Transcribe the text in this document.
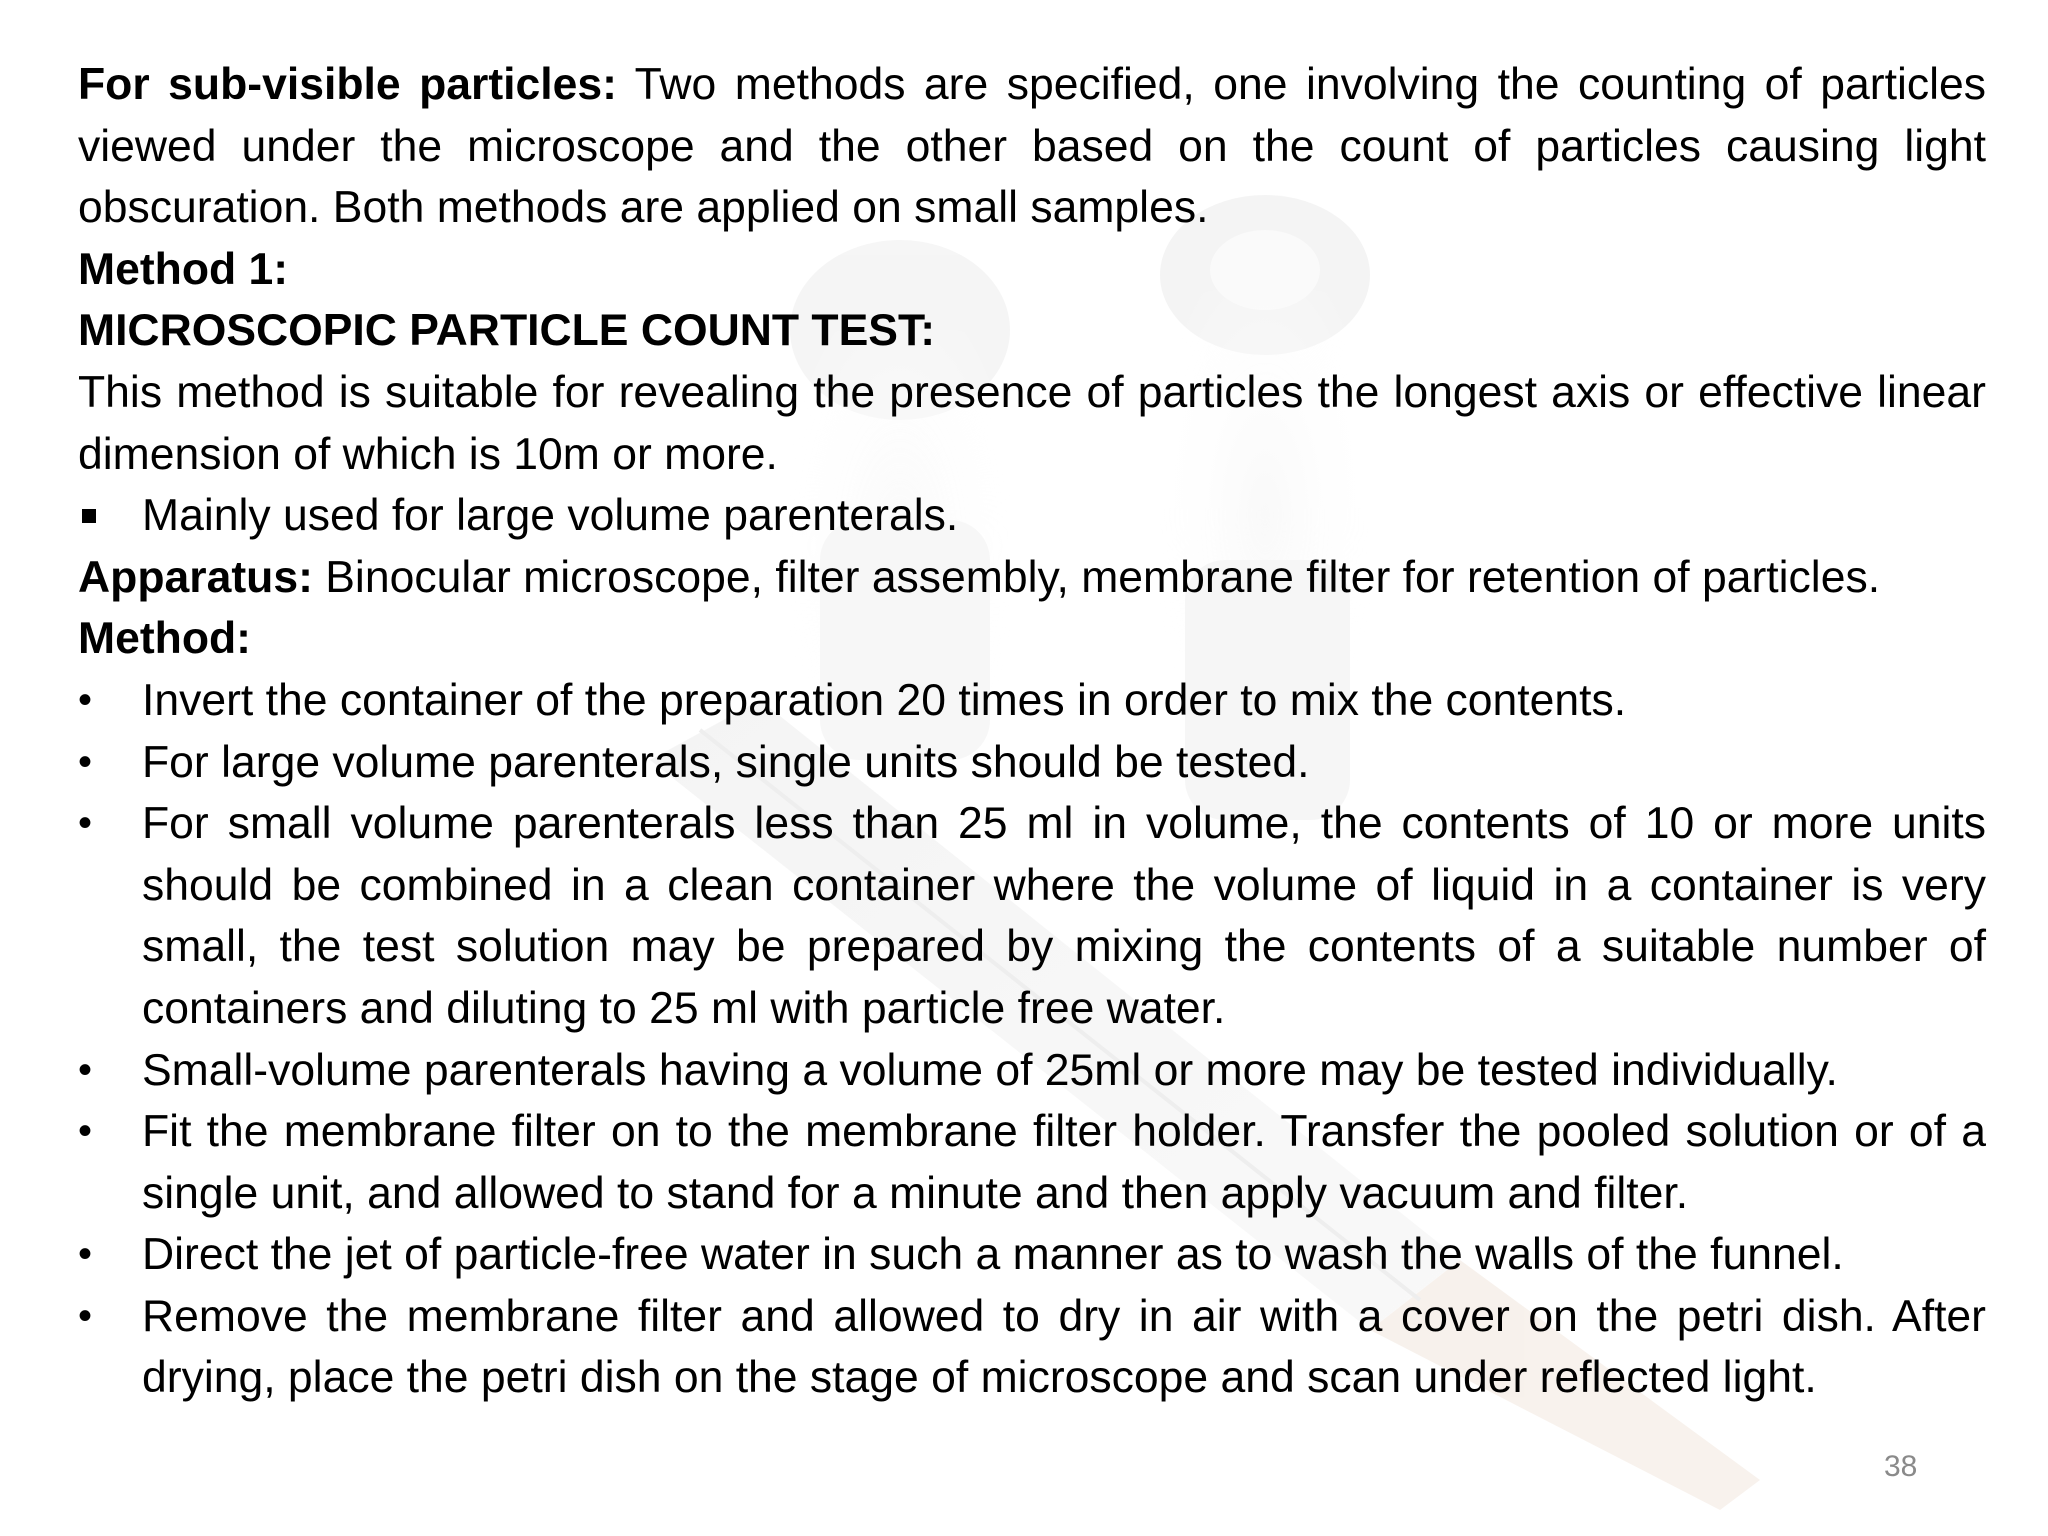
For sub-visible particles: Two methods are specified, one involving the counting of particles viewed under the microscope and the other based on the count of particles causing light obscuration. Both methods are applied on small samples.

Method 1:

MICROSCOPIC PARTICLE COUNT TEST:

This method is suitable for revealing the presence of particles the longest axis or effective linear dimension of which is 10m or more.

Mainly used for large volume parenterals.

Apparatus: Binocular microscope, filter assembly, membrane filter for retention of particles.

Method:

•	Invert the container of the preparation 20 times in order to mix the contents.
•	For large volume parenterals, single units should be tested.
•	For small volume parenterals less than 25 ml in volume, the contents of 10 or more units should be combined in a clean container where the volume of liquid in a container is very small, the test solution may be prepared by mixing the contents of a suitable number of containers and diluting to 25 ml with particle free water.
•	Small-volume parenterals having a volume of 25ml or more may be tested individually.
•	Fit the membrane filter on to the membrane filter holder. Transfer the pooled solution or of a single unit, and allowed to stand for a minute and then apply vacuum and filter.
•	Direct the jet of particle-free water in such a manner as to wash the walls of the funnel.
•	Remove the membrane filter and allowed to dry in air with a cover on the petri dish. After drying, place the petri dish on the stage of microscope and scan under reflected light.
38
